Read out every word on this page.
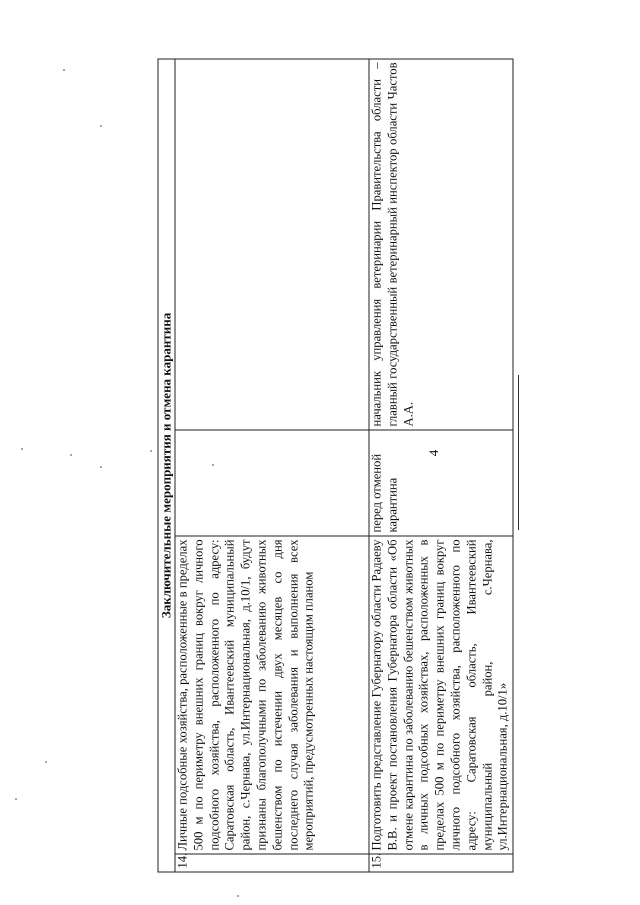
4
Заключительные мероприятия и отмена карантина			
14.	Личные подсобные хозяйства, расположенные в пределах 500 м по периметру внешних границ вокруг личного подсобного хозяйства, расположенного по адресу: Саратовская область, Ивантеевский муниципальный район, с.Чернава, ул.Интернациональная, д.10/1, будут признаны благополучными по заболеванию животных бешенством по истечении двух месяцев со дня последнего случая заболевания и выполнения всех мероприятий, предусмотренных настоящим планом		
15.	Подготовить представление Губернатору области Радаеву В.В. и проект постановления Губернатора области «Об отмене карантина по заболеванию бешенством животных в личных подсобных хозяйствах, расположенных в пределах 500 м по периметру внешних границ вокруг личного подсобного хозяйства, расположенного по адресу: Саратовская область, Ивантеевский муниципальный район, с.Чернава, ул.Интернациональная, д.10/1»	перед отменой карантина	начальник управления ветеринарии Правительства области – главный государственный ветеринарный инспектор области Частов А.А.
